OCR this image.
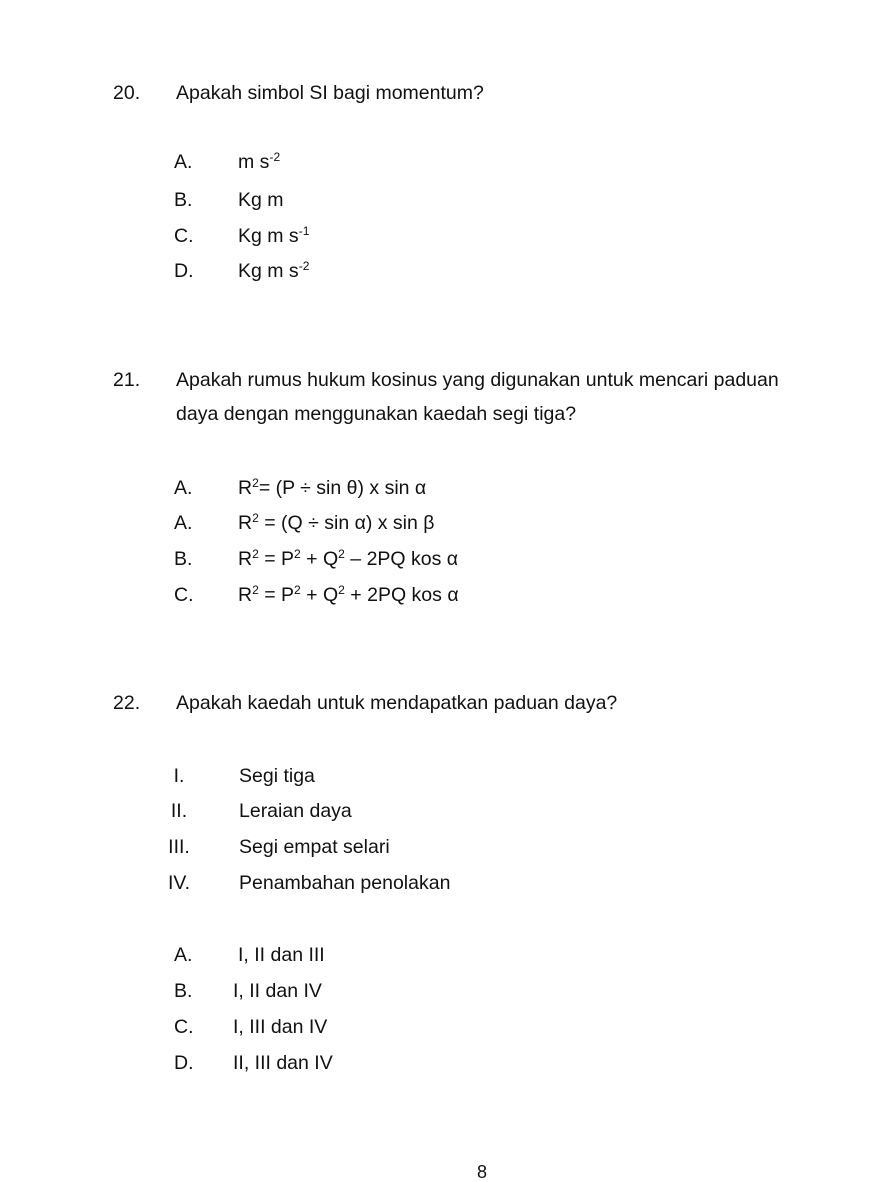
20. Apakah simbol SI bagi momentum?
A. m $s^{-2}$
B. Kg m
C. Kg m $s^{-1}$
D. Kg m $s^{-2}$
21. Apakah rumus hukum kosinus yang digunakan untuk mencari paduan
daya dengan menggunakan kaedah segi tiga?
A. $R^2= (P \div \sin \theta)$ x sin α
A. $R^2 = (Q \div \sin \alpha)$ x sin β
B. $R^2 = P^2 + Q^2 - 2PQ$ kos α
C. $R^2 = P^2 + Q^2 + 2PQ$ kos α
22. Apakah kaedah untuk mendapatkan paduan daya?
I.	Segi tiga
II.	Leraian daya
III.	Segi empat selari
IV.	Penambahan penolakan
A. I, II dan III
B. I, II dan IV
C. I, III dan IV
D. II, III dan IV
8
